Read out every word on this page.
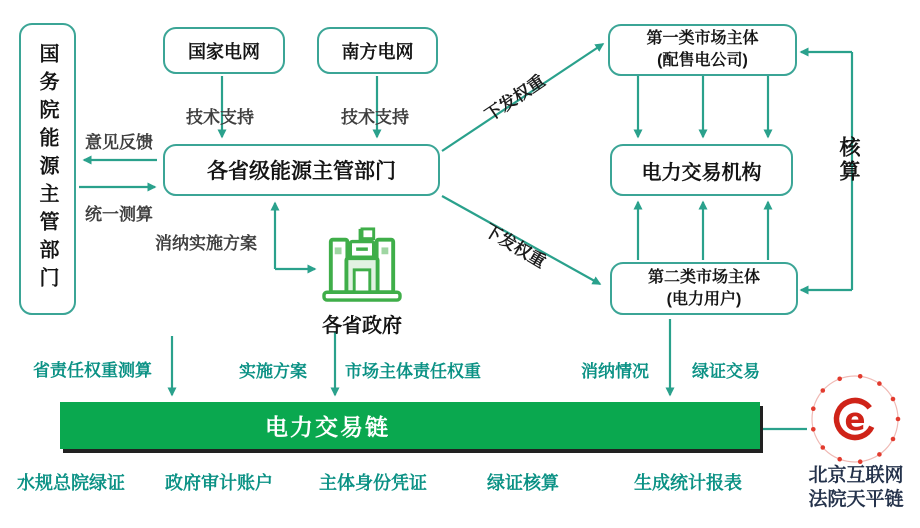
国务院能源主管部门	国家电网	南方电网
各省级能源主管部门
第一类市场主体
(配售电公司)
电力交易机构
第二类市场主体
(电力用户)
各省政府
技术支持	技术支持
意见反馈
统一测算
消纳实施方案
下发权重
下发权重
核算
省责任权重测算	实施方案 市场主体责任权重	消纳情况	绿证交易
电力交易链
水规总院绿证 政府审计账户	主体身份凭证	绿证核算	生成统计报表
e
北京互联网
法院天平链
